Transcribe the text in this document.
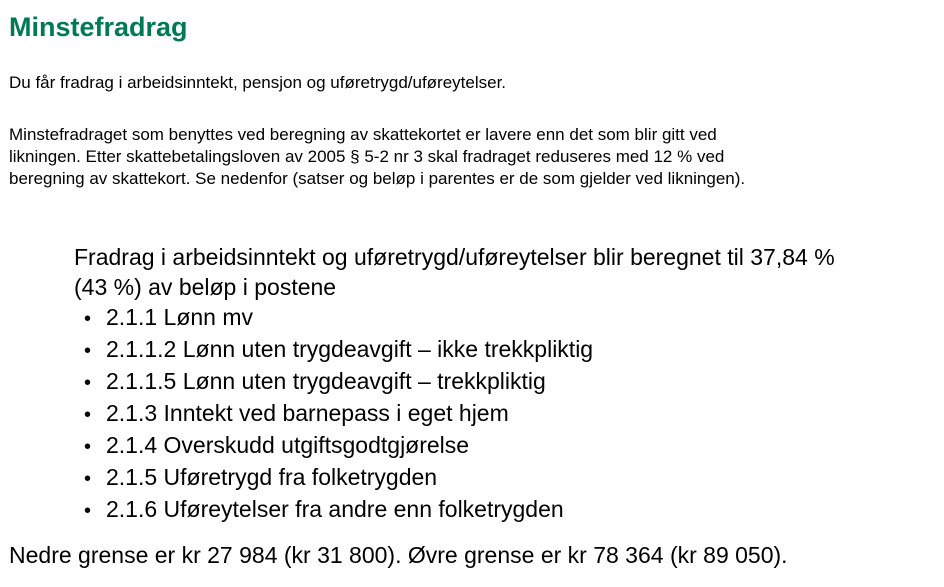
Minstefradrag

Du får fradrag i arbeidsinntekt, pensjon og uføretrygd/uføreytelser.

Minstefradraget som benyttes ved beregning av skattekortet er lavere enn det som blir gitt ved
likningen. Etter skattebetalingsloven av 2005 § 5-2 nr 3 skal fradraget reduseres med 12 % ved
beregning av skattekort. Se nedenfor (satser og beløp i parentes er de som gjelder ved likningen).

Fradrag i arbeidsinntekt og uføretrygd/uføreytelser blir beregnet til 37,84 %
(43 %) av beløp i postene

• 2.1.1 Lønn mv
• 2.1.1.2 Lønn uten trygdeavgift – ikke trekkpliktig
• 2.1.1.5 Lønn uten trygdeavgift – trekkpliktig
• 2.1.3 Inntekt ved barnepass i eget hjem
• 2.1.4 Overskudd utgiftsgodtgjørelse
• 2.1.5 Uføretrygd fra folketrygden
• 2.1.6 Uføreytelser fra andre enn folketrygden

Nedre grense er kr 27 984 (kr 31 800). Øvre grense er kr 78 364 (kr 89 050).
